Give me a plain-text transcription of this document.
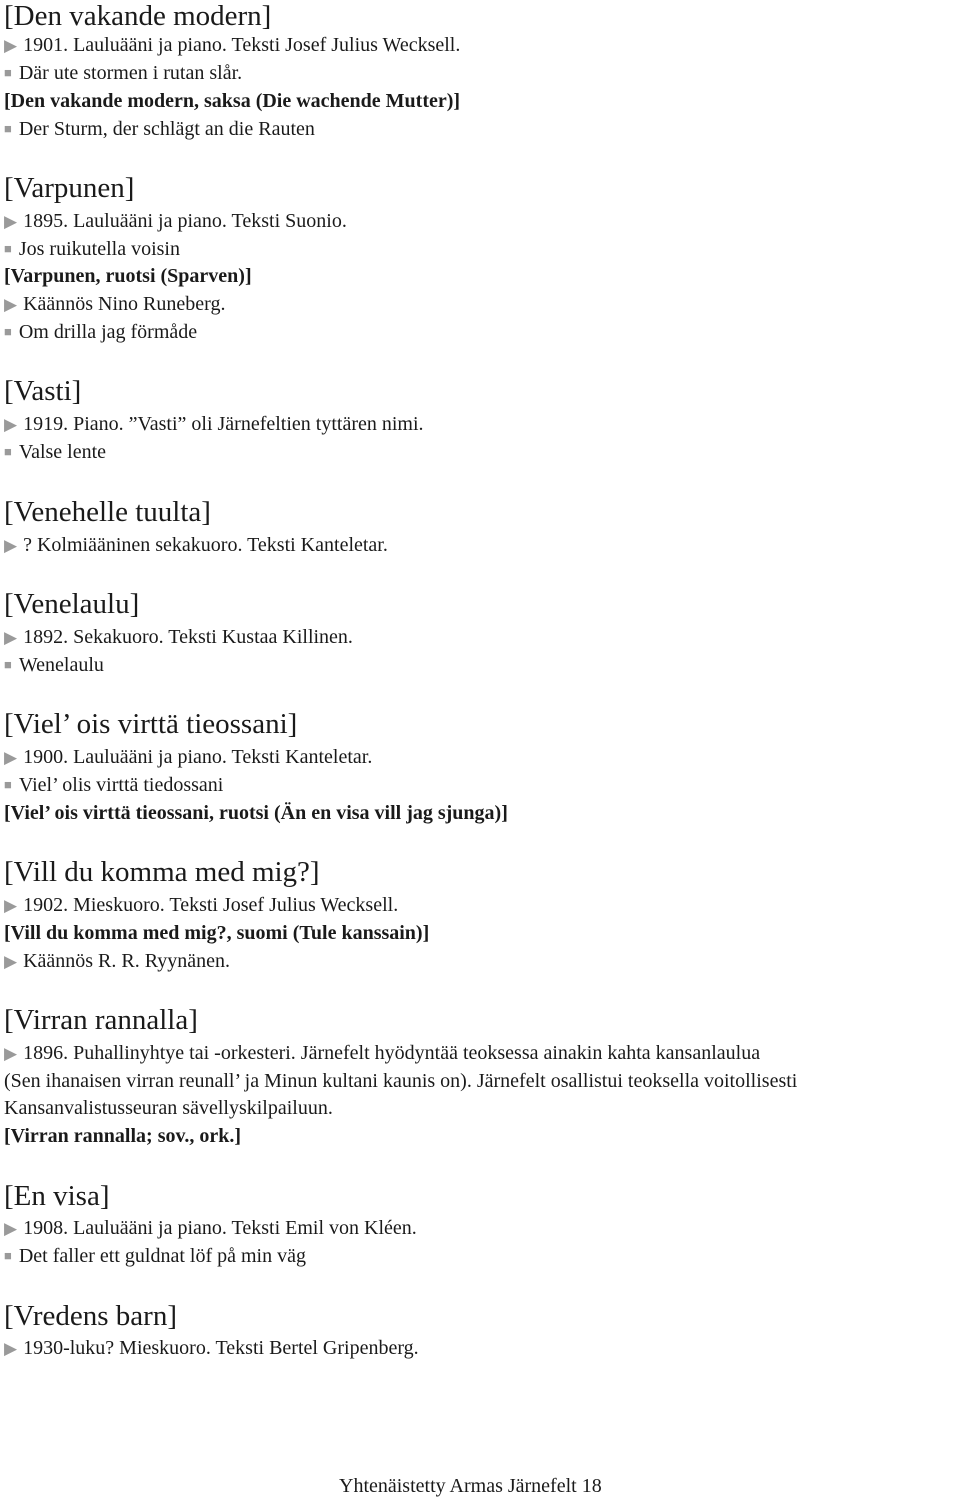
Yhtenäistetty Armas Järnefelt 18
[Den vakande modern]
▶ 1901. Lauluääni ja piano. Teksti Josef Julius Wecksell.
■ Där ute stormen i rutan slår.
[Den vakande modern, saksa (Die wachende Mutter)]
■ Der Sturm, der schlägt an die Rauten
[Varpunen]
▶ 1895. Lauluääni ja piano. Teksti Suonio.
■ Jos ruikutella voisin
[Varpunen, ruotsi (Sparven)]
▶ Käännös Nino Runeberg.
■ Om drilla jag förmåde
[Vasti]
▶ 1919. Piano. ”Vasti” oli Järnefeltien tyttären nimi.
■ Valse lente
[Venehelle tuulta]
▶ ? Kolmiääninen sekakuoro. Teksti Kanteletar.
[Venelaulu]
▶ 1892. Sekakuoro. Teksti Kustaa Killinen.
■ Wenelaulu
[Viel’ ois virttä tieossani]
▶ 1900. Lauluääni ja piano. Teksti Kanteletar.
■ Viel’ olis virttä tiedossani
[Viel’ ois virttä tieossani, ruotsi (Än en visa vill jag sjunga)]
[Vill du komma med mig?]
▶ 1902. Mieskuoro. Teksti Josef Julius Wecksell.
[Vill du komma med mig?, suomi (Tule kanssain)]
▶ Käännös R. R. Ryynänen.
[Virran rannalla]
▶ 1896. Puhallinyhtye tai -orkesteri. Järnefelt hyödyntää teoksessa ainakin kahta kansanlaulua
(Sen ihanaisen virran reunall’ ja Minun kultani kaunis on). Järnefelt osallistui teoksella voitollisesti
Kansanvalistusseuran sävellyskilpailuun.
[Virran rannalla; sov., ork.]
[En visa]
▶ 1908. Lauluääni ja piano. Teksti Emil von Kléen.
■ Det faller ett guldnat löf på min väg
[Vredens barn]
▶ 1930-luku? Mieskuoro. Teksti Bertel Gripenberg.
